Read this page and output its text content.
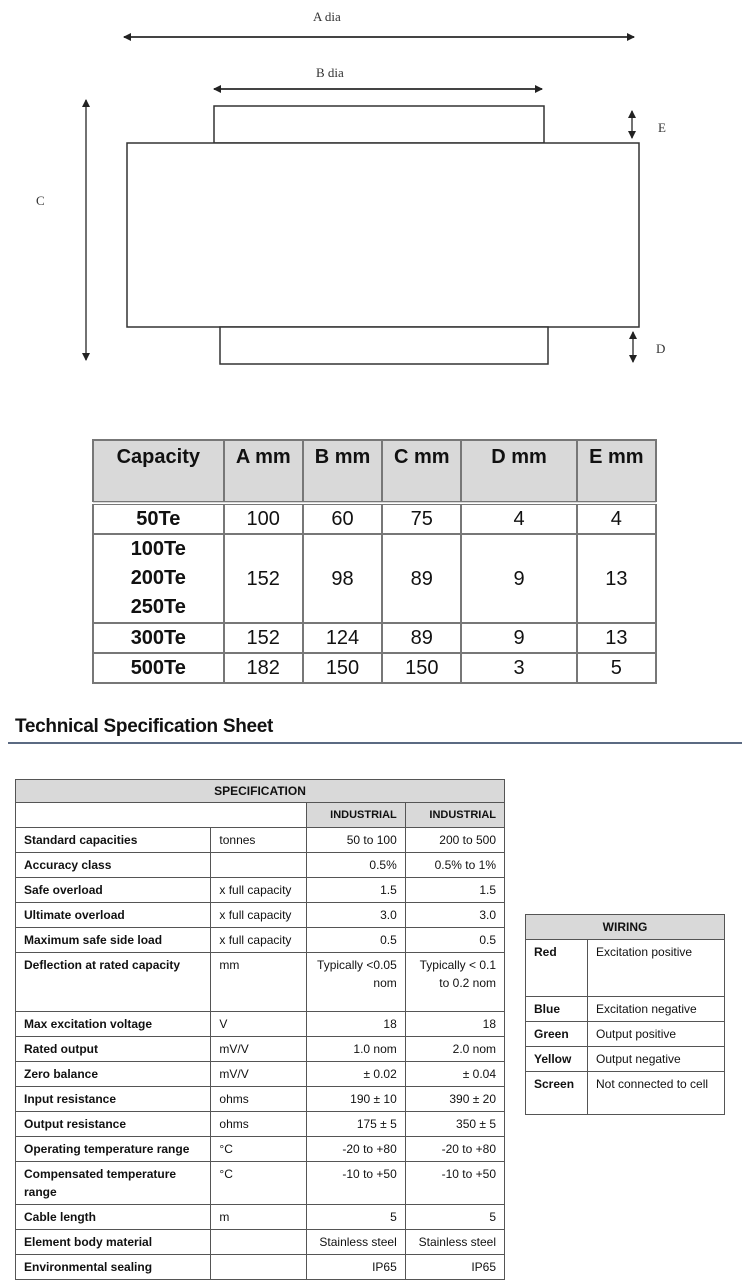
A dia
B dia
C
D
E
Capacity	A mm	B mm	C mm	D mm	E mm

50Te	100	60	75	4	4

100Te
200Te
250Te	152	98	89	9	13

300Te	152	124	89	9	13

500Te	182	150	150	3	5
Technical Specification Sheet
SPECIFICATION			
		INDUSTRIAL	INDUSTRIAL
Standard capacities	tonnes	50 to 100	200 to 500
Accuracy class		0.5%	0.5% to 1%
Safe overload	x full capacity	1.5	1.5
Ultimate overload	x full capacity	3.0	3.0
Maximum safe side load	x full capacity	0.5	0.5
Deflection at rated capacity	mm	Typically <0.05 nom	Typically < 0.1 to 0.2 nom
Max excitation voltage	V	18	18
Rated output	mV/V	1.0 nom	2.0 nom
Zero balance	mV/V	± 0.02	± 0.04
Input resistance	ohms	190 ± 10	390 ± 20
Output resistance	ohms	175 ± 5	350 ± 5
Operating temperature range	°C	-20 to +80	-20 to +80
Compensated temperature range	°C	-10 to +50	-10 to +50
Cable length	m	5	5
Element body material		Stainless steel	Stainless steel
Environmental sealing		IP65	IP65
WIRING	
Red	Excitation positive
Blue	Excitation negative
Green	Output positive
Yellow	Output negative
Screen	Not connected to cell
